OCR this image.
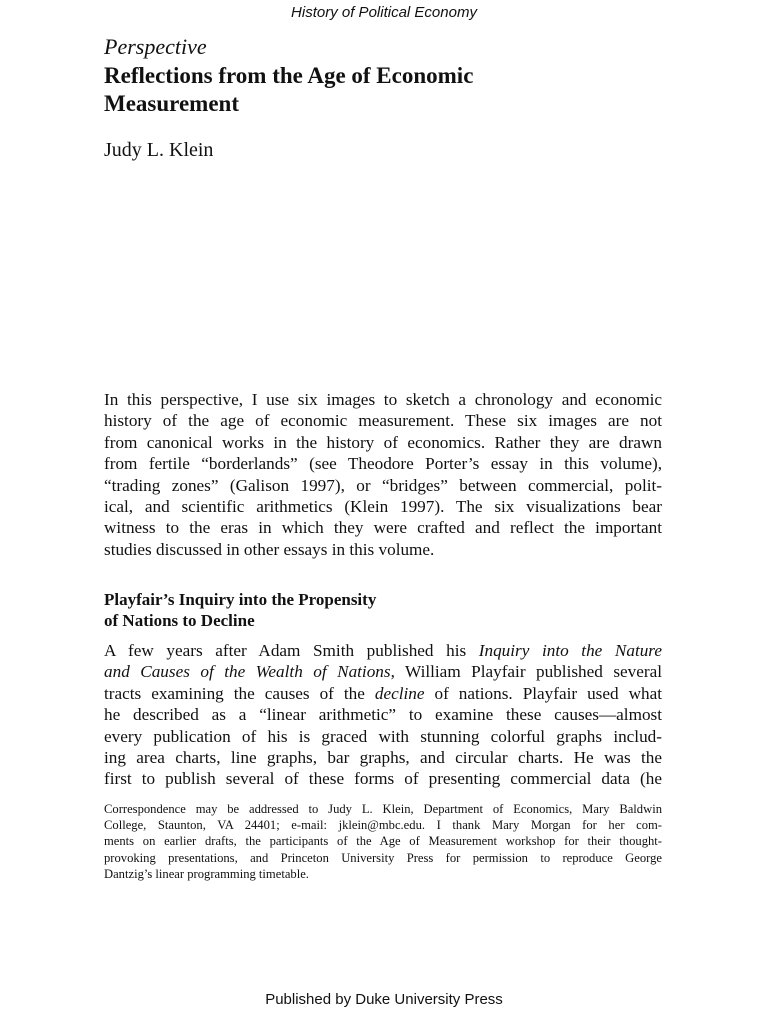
History of Political Economy
Perspective
Reflections from the Age of Economic
Measurement
Judy L. Klein
In this perspective, I use six images to sketch a chronology and economic
history of the age of economic measurement. These six images are not
from canonical works in the history of economics. Rather they are drawn
from fertile “borderlands” (see Theodore Porter’s essay in this volume),
“trading zones” (Galison 1997), or “bridges” between commercial, polit-
ical, and scientific arithmetics (Klein 1997). The six visualizations bear
witness to the eras in which they were crafted and reflect the important
studies discussed in other essays in this volume.
Playfair’s Inquiry into the Propensity
of Nations to Decline
A few years after Adam Smith published his Inquiry into the Nature
and Causes of the Wealth of Nations, William Playfair published several
tracts examining the causes of the decline of nations. Playfair used what
he described as a “linear arithmetic” to examine these causes—almost
every publication of his is graced with stunning colorful graphs includ-
ing area charts, line graphs, bar graphs, and circular charts. He was the
first to publish several of these forms of presenting commercial data (he
Correspondence may be addressed to Judy L. Klein, Department of Economics, Mary Baldwin
College, Staunton, VA 24401; e-mail: jklein@mbc.edu. I thank Mary Morgan for her com-
ments on earlier drafts, the participants of the Age of Measurement workshop for their thought-
provoking presentations, and Princeton University Press for permission to reproduce George
Dantzig’s linear programming timetable.
Published by Duke University Press
